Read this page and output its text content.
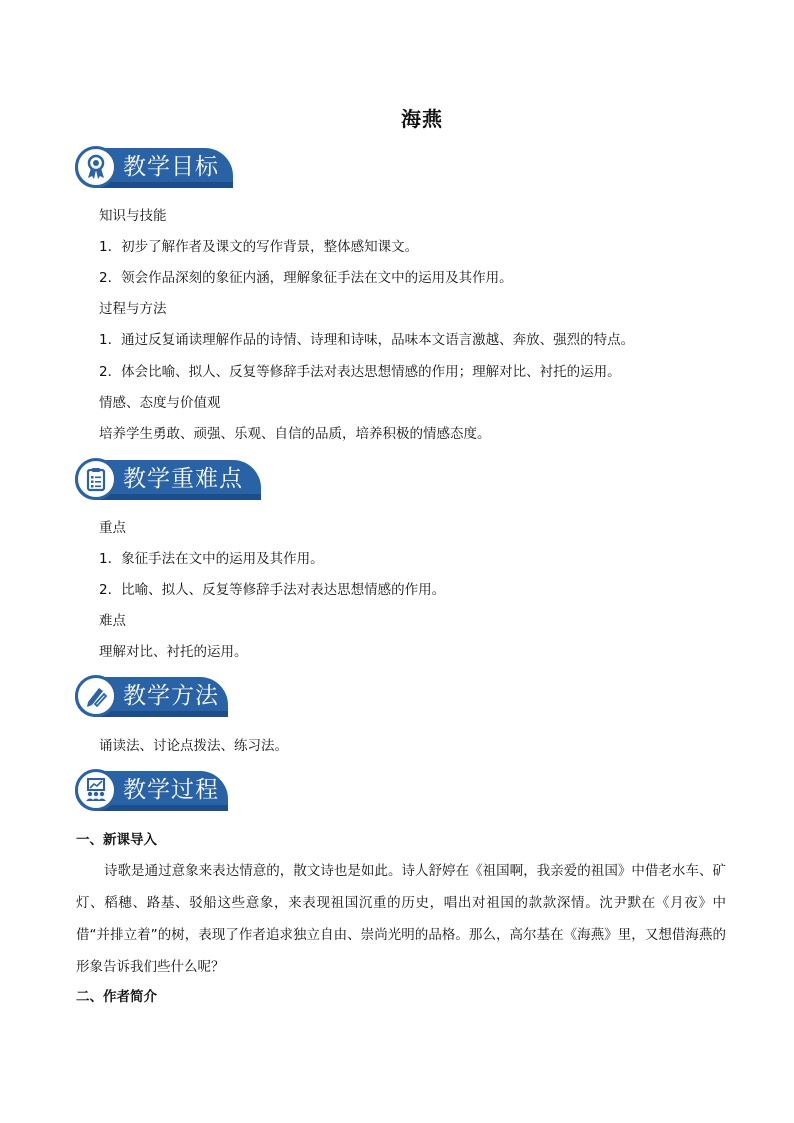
海燕
教学目标
知识与技能
1．初步了解作者及课文的写作背景，整体感知课文。
2．领会作品深刻的象征内涵，理解象征手法在文中的运用及其作用。
过程与方法
1．通过反复诵读理解作品的诗情、诗理和诗味，品味本文语言激越、奔放、强烈的特点。
2．体会比喻、拟人、反复等修辞手法对表达思想情感的作用；理解对比、衬托的运用。
情感、态度与价值观
培养学生勇敢、顽强、乐观、自信的品质，培养积极的情感态度。
教学重难点
重点
1．象征手法在文中的运用及其作用。
2．比喻、拟人、反复等修辞手法对表达思想情感的作用。
难点
理解对比、衬托的运用。
教学方法
诵读法、讨论点拨法、练习法。
教学过程
一、新课导入
诗歌是通过意象来表达情意的，散文诗也是如此。诗人舒婷在《祖国啊，我亲爱的祖国》中借老水车、矿灯、稻穗、路基、驳船这些意象，来表现祖国沉重的历史，唱出对祖国的款款深情。沈尹默在《月夜》中借“并排立着”的树，表现了作者追求独立自由、崇尚光明的品格。那么，高尔基在《海燕》里，又想借海燕的形象告诉我们些什么呢？
二、作者简介
